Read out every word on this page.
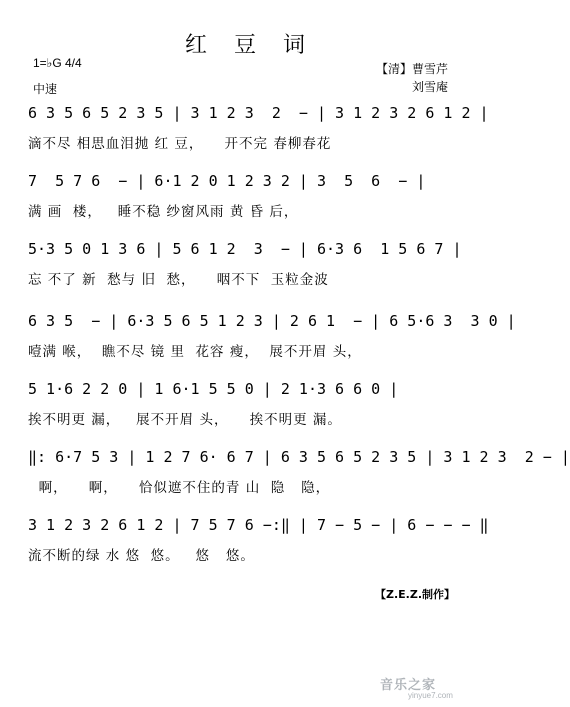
红 豆 词
1=♭G 4/4
中速
【清】曹雪芹
刘雪庵
6 3 5 6 5 2 3 5 | 3 1 2 3  2  − | 3 1 2 3 2 6 1 2 |
滴不尽 相思血泪抛 红 豆，    开不完 春柳春花
7  5 7 6  − | 6·1 2 0 1 2 3 2 | 3  5  6  − |
满 画  楼，   睡不稳 纱窗风雨 黄 昏 后，
5·3 5 0 1 3 6 | 5 6 1 2  3  − | 6·3 6  1 5 6 7 |
忘 不了 新  愁与 旧  愁，    咽不下  玉粒金波
6 3 5  − | 6·3 5 6 5 1 2 3 | 2 6 1  − | 6 5·6 3  3 0 |
噎满 喉，  瞧不尽 镜 里  花容 瘦，  展不开眉 头，
5 1·6 2 2 0 | 1 6·1 5 5 0 | 2 1·3 6 6 0 |
挨不明更 漏，   展不开眉 头，    挨不明更 漏。
‖: 6·7 5 3 | 1 2 7 6· 6 7 | 6 3 5 6 5 2 3 5 | 3 1 2 3  2 − |
啊，    啊，    恰似遮不住的青 山  隐   隐，
3 1 2 3 2 6 1 2 | 7 5 7 6 −:‖ | 7 − 5 − | 6 − − − ‖
流不断的绿 水 悠  悠。   悠   悠。
【Z.E.Z.制作】
音乐之家
yinyue7.com
